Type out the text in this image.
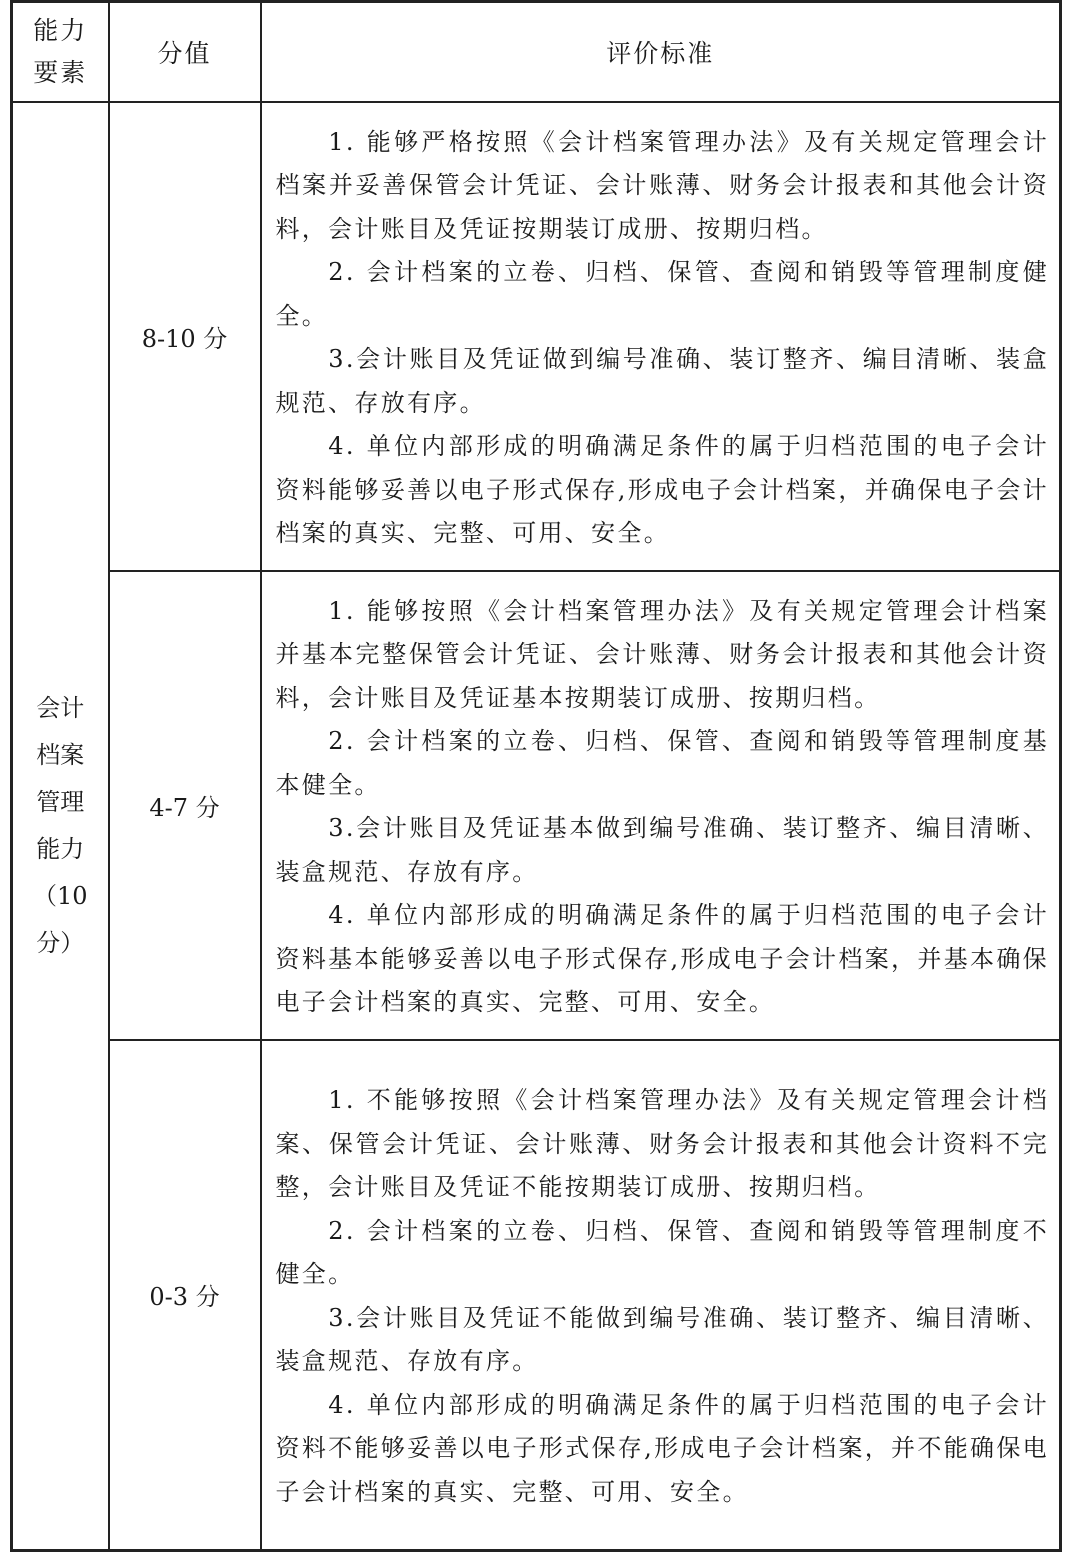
能力要素	分值	评价标准
会计档案管理能力（10分）	8-10 分	1. 能够严格按照《会计档案管理办法》及有关规定管理会计档案并妥善保管会计凭证、会计账薄、财务会计报表和其他会计资料，会计账目及凭证按期装订成册、按期归档。

2. 会计档案的立卷、归档、保管、查阅和销毁等管理制度健全。

3.会计账目及凭证做到编号准确、装订整齐、编目清晰、装盒规范、存放有序。

4. 单位内部形成的明确满足条件的属于归档范围的电子会计资料能够妥善以电子形式保存,形成电子会计档案，并确保电子会计档案的真实、完整、可用、安全。

	4-7 分	1. 能够按照《会计档案管理办法》及有关规定管理会计档案并基本完整保管会计凭证、会计账薄、财务会计报表和其他会计资料，会计账目及凭证基本按期装订成册、按期归档。

2. 会计档案的立卷、归档、保管、查阅和销毁等管理制度基本健全。

3.会计账目及凭证基本做到编号准确、装订整齐、编目清晰、装盒规范、存放有序。

4. 单位内部形成的明确满足条件的属于归档范围的电子会计资料基本能够妥善以电子形式保存,形成电子会计档案，并基本确保电子会计档案的真实、完整、可用、安全。

	0-3 分	1. 不能够按照《会计档案管理办法》及有关规定管理会计档案、保管会计凭证、会计账薄、财务会计报表和其他会计资料不完整，会计账目及凭证不能按期装订成册、按期归档。

2. 会计档案的立卷、归档、保管、查阅和销毁等管理制度不健全。

3.会计账目及凭证不能做到编号准确、装订整齐、编目清晰、装盒规范、存放有序。

4. 单位内部形成的明确满足条件的属于归档范围的电子会计资料不能够妥善以电子形式保存,形成电子会计档案，并不能确保电子会计档案的真实、完整、可用、安全。
